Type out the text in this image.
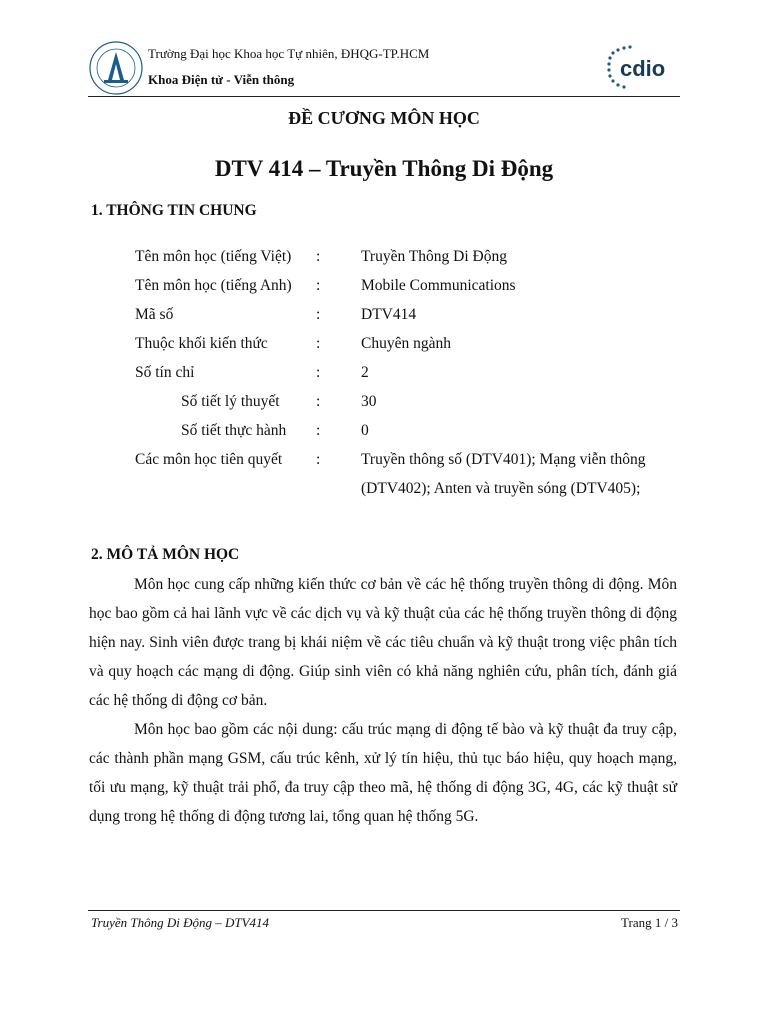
Trường Đại học Khoa học Tự nhiên, ĐHQG-TP.HCM
Khoa Điện tử - Viễn thông	cdio
ĐỀ CƯƠNG MÔN HỌC
DTV 414 – Truyền Thông Di Động
1. THÔNG TIN CHUNG
Tên môn học (tiếng Việt) :	Truyền Thông Di Động
Tên môn học (tiếng Anh) :	Mobile Communications
Mã số	:	DTV414
Thuộc khối kiến thức	:	Chuyên ngành
Số tín chỉ	:	2
Số tiết lý thuyết :	30
Số tiết thực hành :	0
Các môn học tiên quyết :	Truyền thông số (DTV401); Mạng viễn thông (DTV402); Anten và truyền sóng (DTV405);
2. MÔ TẢ MÔN HỌC
Môn học cung cấp những kiến thức cơ bản về các hệ thống truyền thông di động. Môn học bao gồm cả hai lãnh vực về các dịch vụ và kỹ thuật của các hệ thống truyền thông di động hiện nay. Sinh viên được trang bị khái niệm về các tiêu chuẩn và kỹ thuật trong việc phân tích và quy hoạch các mạng di động. Giúp sinh viên có khả năng nghiên cứu, phân tích, đánh giá các hệ thống di động cơ bản.
Môn học bao gồm các nội dung: cấu trúc mạng di động tế bào và kỹ thuật đa truy cập, các thành phần mạng GSM, cấu trúc kênh, xử lý tín hiệu, thủ tục báo hiệu, quy hoạch mạng, tối ưu mạng, kỹ thuật trải phổ, đa truy cập theo mã, hệ thống di động 3G, 4G, các kỹ thuật sử dụng trong hệ thống di động tương lai, tổng quan hệ thống 5G.
Truyền Thông Di Động – DTV414	Trang 1 / 3
